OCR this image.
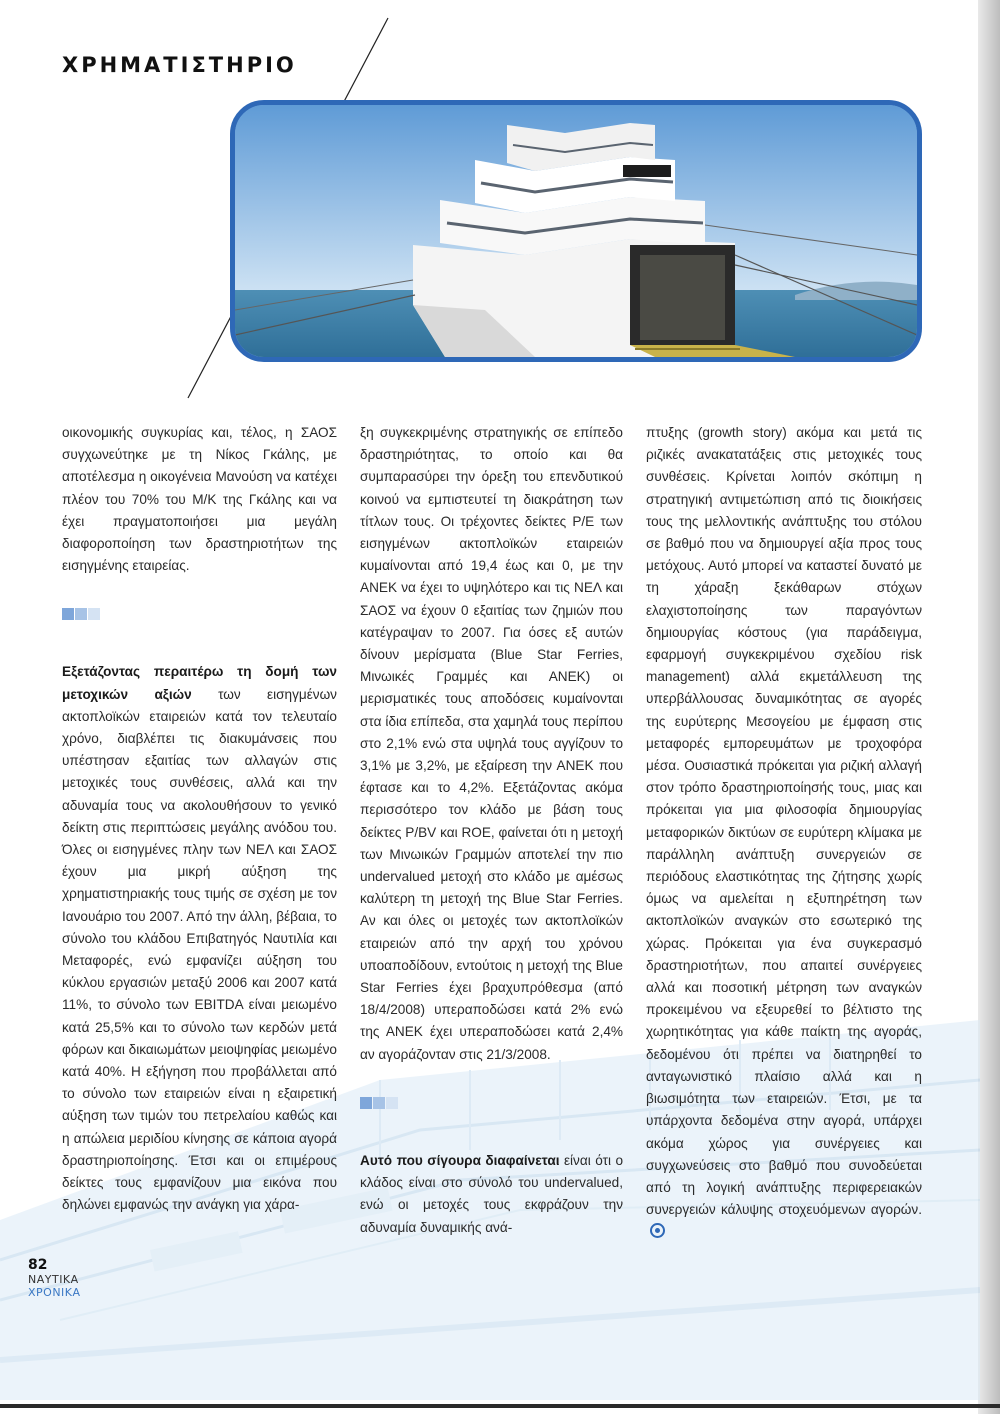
ΧΡΗΜΑΤΙΣΤΗΡΙΟ

οικονομικής συγκυρίας και, τέλος, η ΣΑΟΣ συγχωνεύτηκε με τη Νίκος Γκάλης, με αποτέλεσμα η οικογένεια Μανούση να κατέχει πλέον του 70% του Μ/Κ της Γκάλης και να έχει πραγματοποιήσει μια μεγάλη διαφοροποίηση των δραστηριοτήτων της εισηγμένης εταιρείας.

Εξετάζοντας περαιτέρω τη δομή των μετοχικών αξιών των εισηγμένων ακτοπλοϊκών εταιρειών κατά τον τελευταίο χρόνο, διαβλέπει τις διακυμάνσεις που υπέστησαν εξαιτίας των αλλαγών στις μετοχικές τους συνθέσεις, αλλά και την αδυναμία τους να ακολουθήσουν το γενικό δείκτη στις περιπτώσεις μεγάλης ανόδου του. Όλες οι εισηγμένες πλην των ΝΕΛ και ΣΑΟΣ έχουν μια μικρή αύξηση της χρηματιστηριακής τους τιμής σε σχέση με τον Ιανουάριο του 2007. Από την άλλη, βέβαια, το σύνολο του κλάδου Επιβατηγός Ναυτιλία και Μεταφορές, ενώ εμφανίζει αύξηση του κύκλου εργασιών μεταξύ 2006 και 2007 κατά 11%, το σύνολο των EBITDA είναι μειωμένο κατά 25,5% και το σύνολο των κερδών μετά φόρων και δικαιωμάτων μειοψηφίας μειωμένο κατά 40%. Η εξήγηση που προβάλλεται από το σύνολο των εταιρειών είναι η εξαιρετική αύξηση των τιμών του πετρελαίου καθώς και η απώλεια μεριδίου κίνησης σε κάποια αγορά δραστηριοποίησης. Έτσι και οι επιμέρους δείκτες τους εμφανίζουν μια εικόνα που δηλώνει εμφανώς την ανάγκη για χάρα-

ξη συγκεκριμένης στρατηγικής σε επίπεδο δραστηριότητας, το οποίο και θα συμπαρασύρει την όρεξη του επενδυτικού κοινού να εμπιστευτεί τη διακράτηση των τίτλων τους. Οι τρέχοντες δείκτες P/E των εισηγμένων ακτοπλοϊκών εταιρειών κυμαίνονται από 19,4 έως και 0, με την ΑΝΕΚ να έχει το υψηλότερο και τις ΝΕΛ και ΣΑΟΣ να έχουν 0 εξαιτίας των ζημιών που κατέγραψαν το 2007. Για όσες εξ αυτών δίνουν μερίσματα (Blue Star Ferries, Μινωικές Γραμμές και ΑΝΕΚ) οι μερισματικές τους αποδόσεις κυμαίνονται στα ίδια επίπεδα, στα χαμηλά τους περίπου στο 2,1% ενώ στα υψηλά τους αγγίζουν το 3,1% με 3,2%, με εξαίρεση την ΑΝΕΚ που έφτασε και το 4,2%. Εξετάζοντας ακόμα περισσότερο τον κλάδο με βάση τους δείκτες P/BV και ROE, φαίνεται ότι η μετοχή των Μινωικών Γραμμών αποτελεί την πιο undervalued μετοχή στο κλάδο με αμέσως καλύτερη τη μετοχή της Blue Star Ferries. Αν και όλες οι μετοχές των ακτοπλοϊκών εταιρειών από την αρχή του χρόνου υποαποδίδουν, εντούτοις η μετοχή της Blue Star Ferries έχει βραχυπρόθεσμα (από 18/4/2008) υπεραποδώσει κατά 2% ενώ της ΑΝΕΚ έχει υπεραποδώσει κατά 2,4% αν αγοράζονταν στις 21/3/2008.

Αυτό που σίγουρα διαφαίνεται είναι ότι ο κλάδος είναι στο σύνολό του undervalued, ενώ οι μετοχές τους εκφράζουν την αδυναμία δυναμικής ανά-

πτυξης (growth story) ακόμα και μετά τις ριζικές ανακατατάξεις στις μετοχικές τους συνθέσεις. Κρίνεται λοιπόν σκόπιμη η στρατηγική αντιμετώπιση από τις διοικήσεις τους της μελλοντικής ανάπτυξης του στόλου σε βαθμό που να δημιουργεί αξία προς τους μετόχους. Αυτό μπορεί να καταστεί δυνατό με τη χάραξη ξεκάθαρων στόχων ελαχιστοποίησης των παραγόντων δημιουργίας κόστους (για παράδειγμα, εφαρμογή συγκεκριμένου σχεδίου risk management) αλλά εκμετάλλευση της υπερβάλλουσας δυναμικότητας σε αγορές της ευρύτερης Μεσογείου με έμφαση στις μεταφορές εμπορευμάτων με τροχοφόρα μέσα. Ουσιαστικά πρόκειται για ριζική αλλαγή στον τρόπο δραστηριοποίησής τους, μιας και πρόκειται για μια φιλοσοφία δημιουργίας μεταφορικών δικτύων σε ευρύτερη κλίμακα με παράλληλη ανάπτυξη συνεργειών σε περιόδους ελαστικότητας της ζήτησης χωρίς όμως να αμελείται η εξυπηρέτηση των ακτοπλοϊκών αναγκών στο εσωτερικό της χώρας. Πρόκειται για ένα συγκερασμό δραστηριοτήτων, που απαιτεί συνέργειες αλλά και ποσοτική μέτρηση των αναγκών προκειμένου να εξευρεθεί το βέλτιστο της χωρητικότητας για κάθε παίκτη της αγοράς, δεδομένου ότι πρέπει να διατηρηθεί το ανταγωνιστικό πλαίσιο αλλά και η βιωσιμότητα των εταιρειών. Έτσι, με τα υπάρχοντα δεδομένα στην αγορά, υπάρχει ακόμα χώρος για συνέργειες και συγχωνεύσεις στο βαθμό που συνοδεύεται από τη λογική ανάπτυξης περιφερειακών συνεργειών κάλυψης στοχευόμενων αγορών.

82
ΝΑΥΤΙΚΑ
ΧΡΟΝΙΚΑ
